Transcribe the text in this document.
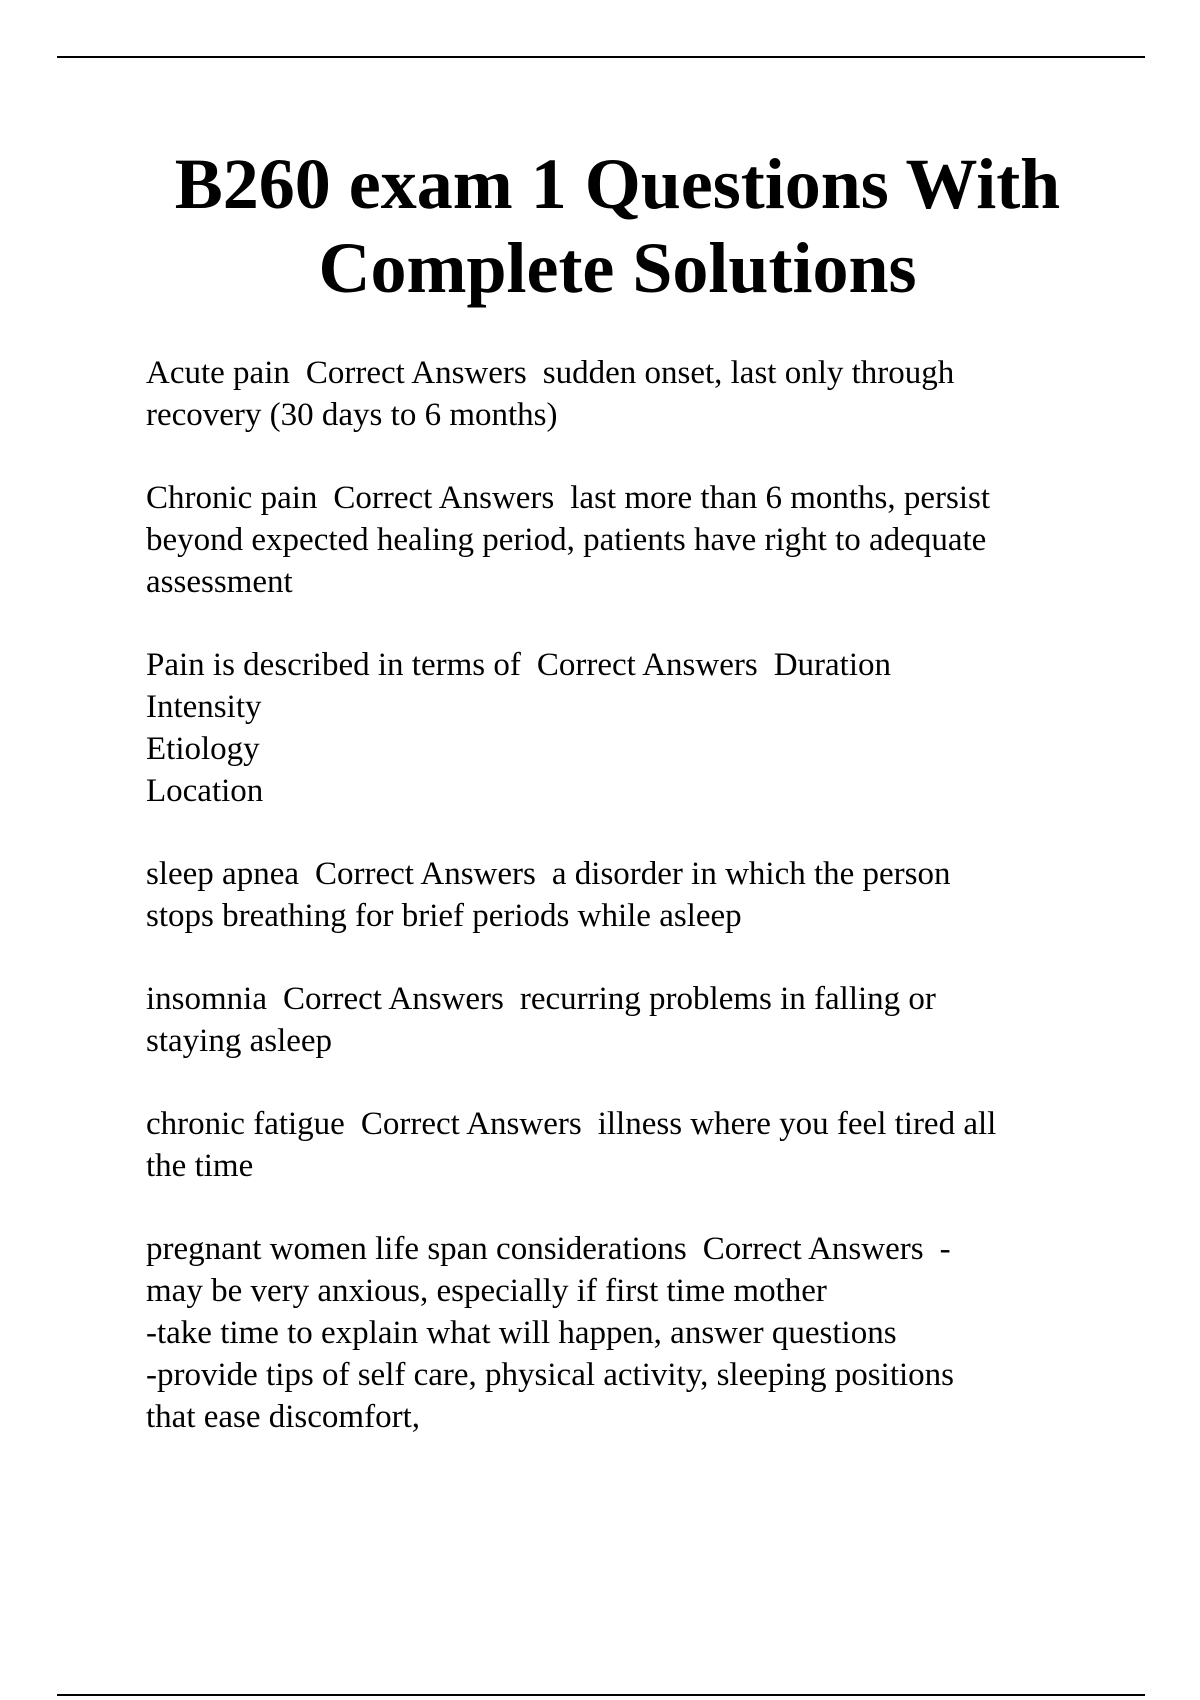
B260 exam 1 Questions With
Complete Solutions
Acute pain Correct Answers sudden onset, last only through
recovery (30 days to 6 months)
Chronic pain Correct Answers last more than 6 months, persist
beyond expected healing period, patients have right to adequate
assessment
Pain is described in terms of Correct Answers Duration
Intensity
Etiology
Location
sleep apnea Correct Answers a disorder in which the person
stops breathing for brief periods while asleep
insomnia Correct Answers recurring problems in falling or
staying asleep
chronic fatigue Correct Answers illness where you feel tired all
the time
pregnant women life span considerations Correct Answers -
may be very anxious, especially if first time mother
-take time to explain what will happen, answer questions
-provide tips of self care, physical activity, sleeping positions
that ease discomfort,
